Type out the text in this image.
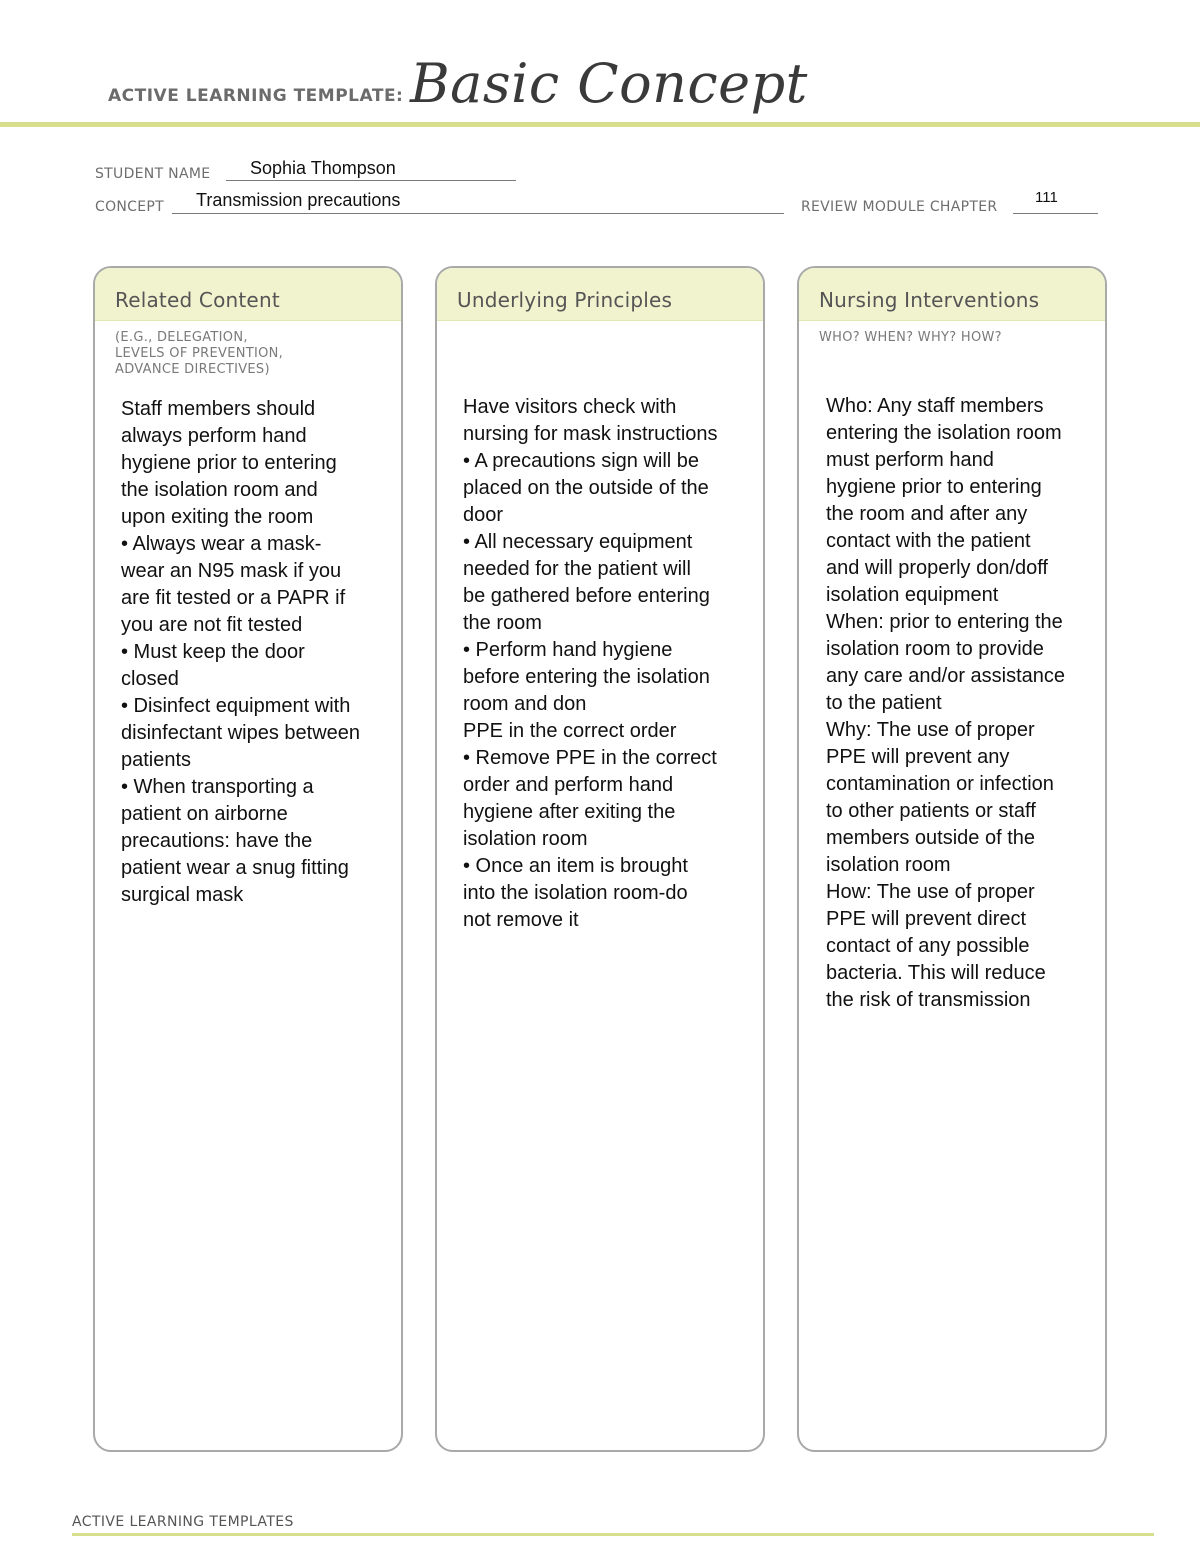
ACTIVE LEARNING TEMPLATE: Basic Concept
STUDENT NAME Sophia Thompson
CONCEPT Transmission precautions	REVIEW MODULE CHAPTER
111
Related Content
(E.G., DELEGATION,
LEVELS OF PREVENTION,
ADVANCE DIRECTIVES)
Staff members should
always perform hand
hygiene prior to entering
the isolation room and
upon exiting the room
• Always wear a mask-
wear an N95 mask if you
are fit tested or a PAPR if
you are not fit tested
• Must keep the door
closed
• Disinfect equipment with
disinfectant wipes between
patients
• When transporting a
patient on airborne
precautions: have the
patient wear a snug fitting
surgical mask
Underlying Principles
Have visitors check with
nursing for mask instructions
• A precautions sign will be
placed on the outside of the
door
• All necessary equipment
needed for the patient will
be gathered before entering
the room
• Perform hand hygiene
before entering the isolation
room and don
PPE in the correct order
• Remove PPE in the correct
order and perform hand
hygiene after exiting the
isolation room
• Once an item is brought
into the isolation room-do
not remove it
Nursing Interventions
WHO? WHEN? WHY? HOW?
Who: Any staff members
entering the isolation room
must perform hand
hygiene prior to entering
the room and after any
contact with the patient
and will properly don/doff
isolation equipment
When: prior to entering the
isolation room to provide
any care and/or assistance
to the patient
Why: The use of proper
PPE will prevent any
contamination or infection
to other patients or staff
members outside of the
isolation room
How: The use of proper
PPE will prevent direct
contact of any possible
bacteria. This will reduce
the risk of transmission
ACTIVE LEARNING TEMPLATES
